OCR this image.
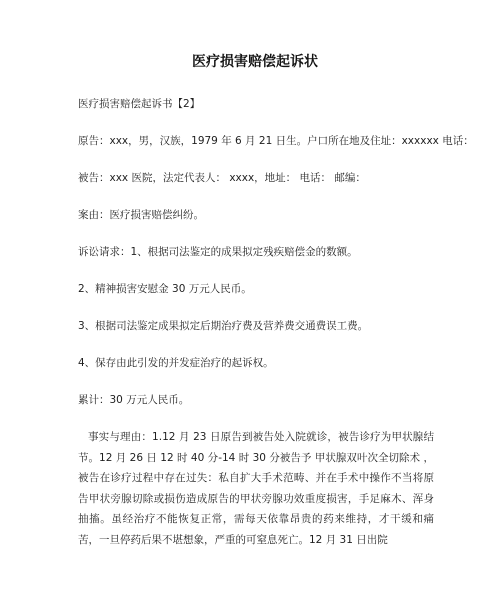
医疗损害赔偿起诉状

医疗损害赔偿起诉书【2】

原告：xxx，男，汉族，1979 年 6 月 21 日生。户口所在地及住址：xxxxxx 电话：

被告：xxx 医院，法定代表人： xxxx，地址： 电话： 邮编：

案由：医疗损害赔偿纠纷。

诉讼请求：1、根据司法鉴定的成果拟定残疾赔偿金的数额。

2、精神损害安慰金 30 万元人民币。

3、根据司法鉴定成果拟定后期治疗费及营养费交通费误工费。

4、保存由此引发的并发症治疗的起诉权。

累计：30 万元人民币。

事实与理由：1.12 月 23 日原告到被告处入院就诊，被告诊疗为甲状腺结节。12 月 26 日 12 时 40 分-14 时 30 分被告予 甲状腺双叶次全切除术 ，被告在诊疗过程中存在过失：私自扩大手术范畴、并在手术中操作不当将原告甲状旁腺切除或损伤造成原告的甲状旁腺功效重度损害，手足麻木、浑身抽搐。虽经治疗不能恢复正常，需每天依靠昂贵的药来维持，才干缓和痛苦，一旦停药后果不堪想象，严重的可窒息死亡。12 月 31 日出院
